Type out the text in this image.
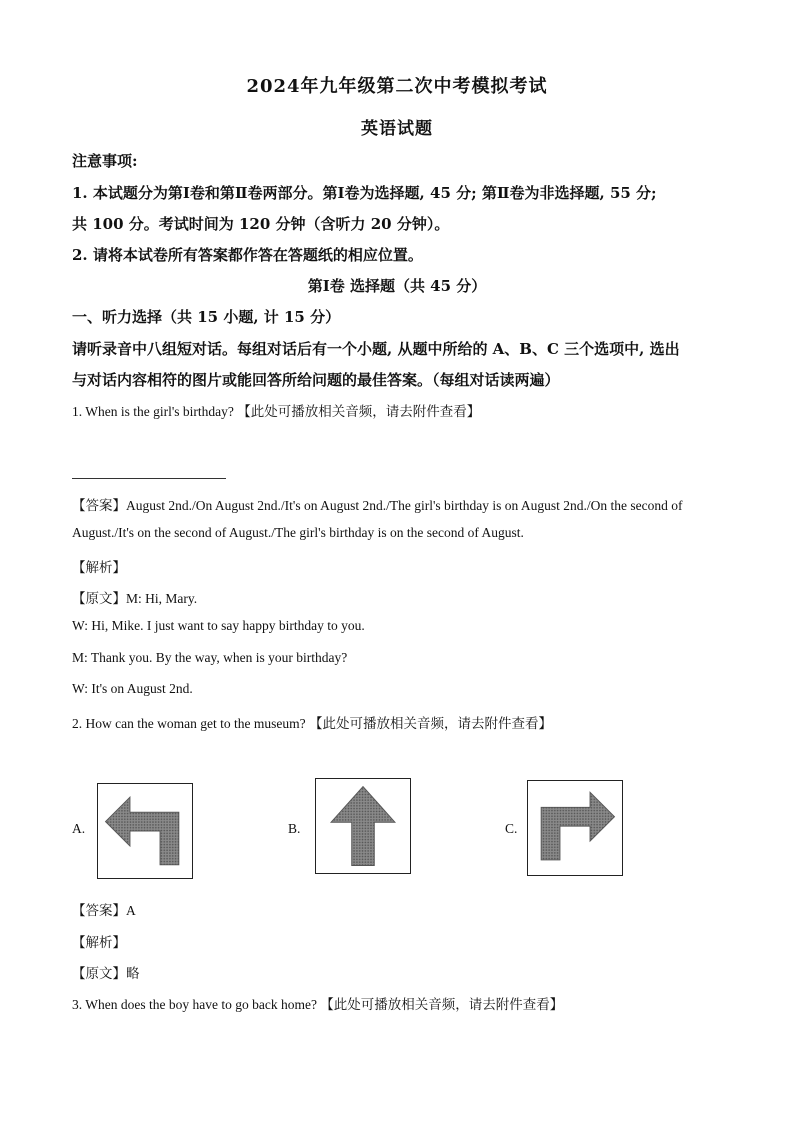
2024年九年级第二次中考模拟考试
英语试题
注意事项:
1. 本试题分为第Ⅰ卷和第Ⅱ卷两部分。第Ⅰ卷为选择题, 45 分; 第Ⅱ卷为非选择题, 55 分;
共 100 分。考试时间为 120 分钟（含听力 20 分钟）。
2. 请将本试卷所有答案都作答在答题纸的相应位置。
第Ⅰ卷 选择题（共 45 分）
一、听力选择（共 15 小题, 计 15 分）
请听录音中八组短对话。每组对话后有一个小题, 从题中所给的 A、B、C 三个选项中, 选出
与对话内容相符的图片或能回答所给问题的最佳答案。（每组对话读两遍）
1. When is the girl's birthday? 【此处可播放相关音频，请去附件查看】
【答案】August 2nd./On August 2nd./It's on August 2nd./The girl's birthday is on August 2nd./On the second of
August./It's on the second of August./The girl's birthday is on the second of August.
【解析】
【原文】M: Hi, Mary.
W: Hi, Mike. I just want to say happy birthday to you.
M: Thank you. By the way, when is your birthday?
W: It's on August 2nd.
2. How can the woman get to the museum? 【此处可播放相关音频，请去附件查看】
A.	B.	C.
【答案】A
【解析】
【原文】略
3. When does the boy have to go back home? 【此处可播放相关音频，请去附件查看】
